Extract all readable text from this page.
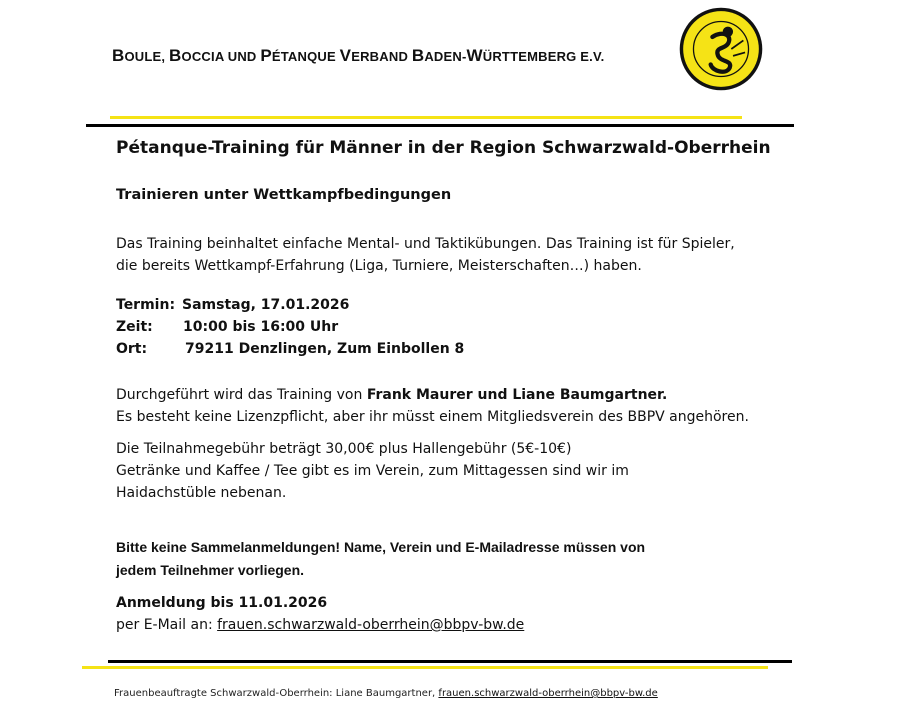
BOULE, BOCCIA UND PÉTANQUE VERBAND BADEN-WÜRTTEMBERG E.V.
Pétanque-Training für Männer in der Region Schwarzwald-Oberrhein
Trainieren unter Wettkampfbedingungen
Das Training beinhaltet einfache Mental- und Taktikübungen. Das Training ist für Spieler,
die bereits Wettkampf-Erfahrung (Liga, Turniere, Meisterschaften…) haben.
Termin: Samstag, 17.01.2026
Zeit: 10:00 bis 16:00 Uhr
Ort:	79211 Denzlingen, Zum Einbollen 8
Durchgeführt wird das Training von Frank Maurer und Liane Baumgartner.
Es besteht keine Lizenzpflicht, aber ihr müsst einem Mitgliedsverein des BBPV angehören.
Die Teilnahmegebühr beträgt 30,00€ plus Hallengebühr (5€-10€)
Getränke und Kaffee / Tee gibt es im Verein, zum Mittagessen sind wir im
Haidachstüble nebenan.
Bitte keine Sammelanmeldungen! Name, Verein und E-Mailadresse müssen von
jedem Teilnehmer vorliegen.
Anmeldung bis 11.01.2026
per E-Mail an: frauen.schwarzwald-oberrhein@bbpv-bw.de
Frauenbeauftragte Schwarzwald-Oberrhein: Liane Baumgartner, frauen.schwarzwald-oberrhein@bbpv-bw.de
